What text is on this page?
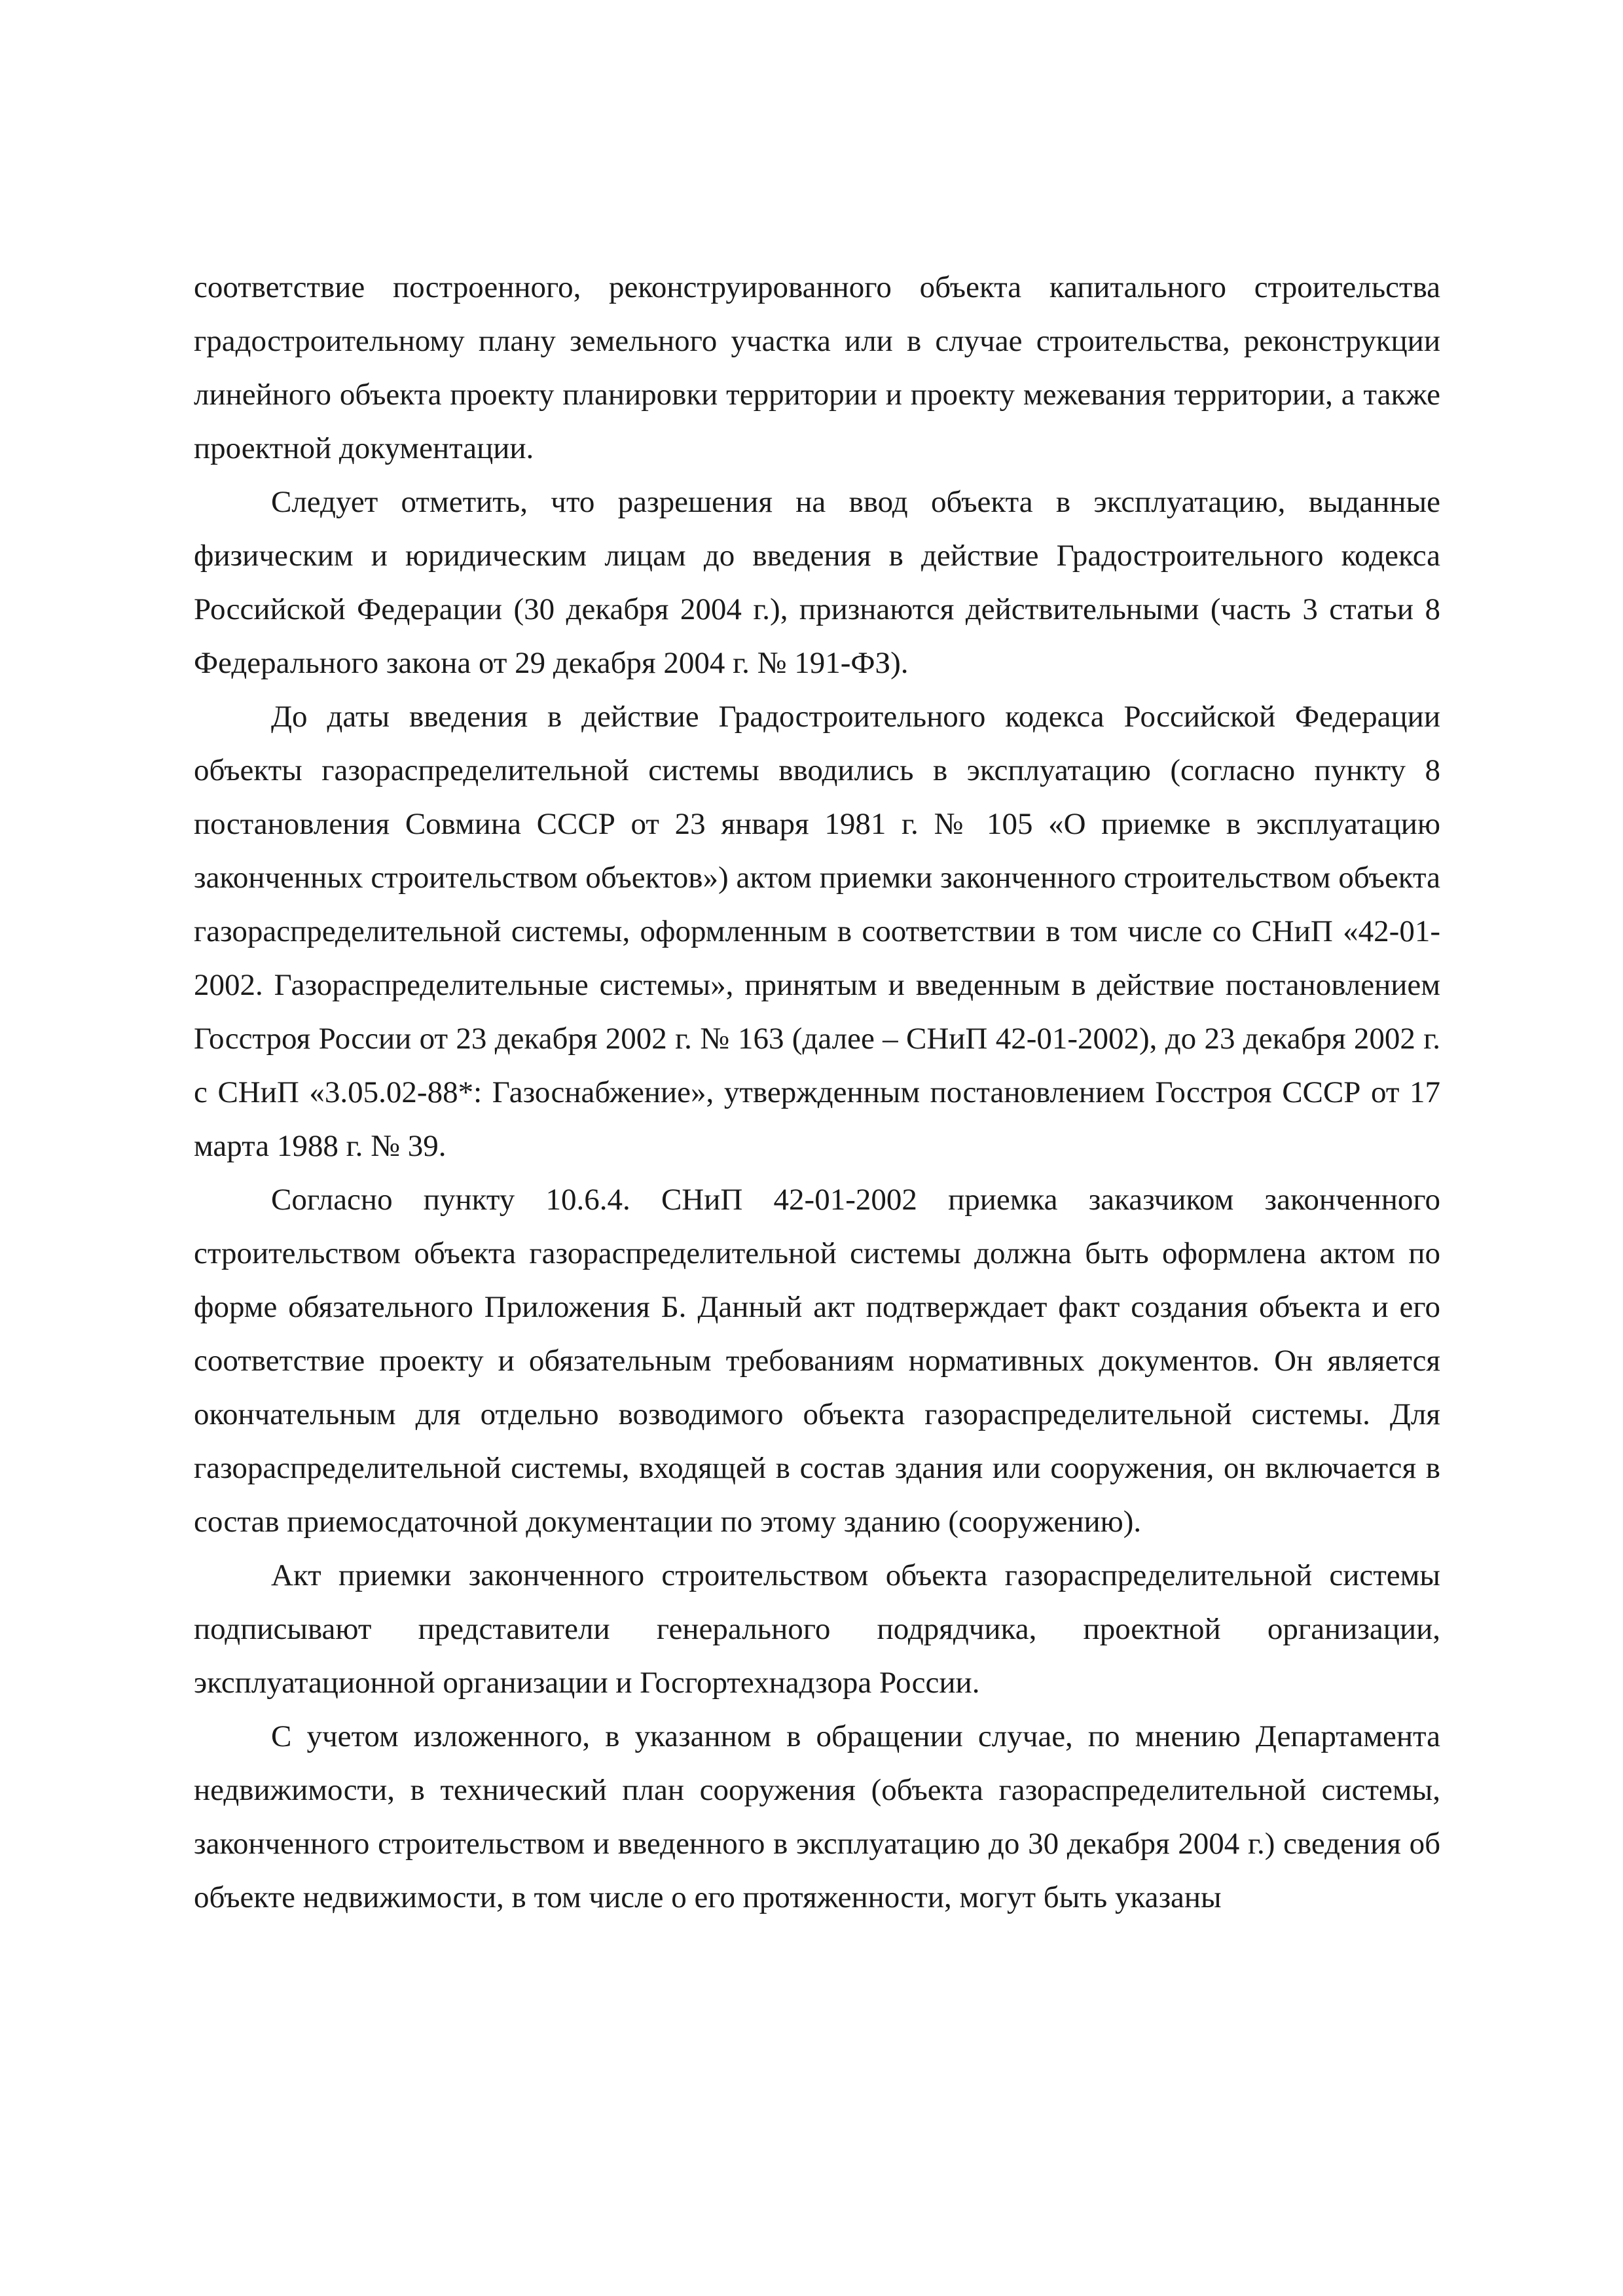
соответствие построенного, реконструированного объекта капитального строительства градостроительному плану земельного участка или в случае строительства, реконструкции линейного объекта проекту планировки территории и проекту межевания территории, а также проектной документации.

Следует отметить, что разрешения на ввод объекта в эксплуатацию, выданные физическим и юридическим лицам до введения в действие Градостроительного кодекса Российской Федерации (30 декабря 2004 г.), признаются действительными (часть 3 статьи 8 Федерального закона от 29 декабря 2004 г. № 191-ФЗ).

До даты введения в действие Градостроительного кодекса Российской Федерации объекты газораспределительной системы вводились в эксплуатацию (согласно пункту 8 постановления Совмина СССР от 23 января 1981 г. № 105 «О приемке в эксплуатацию законченных строительством объектов») актом приемки законченного строительством объекта газораспределительной системы, оформленным в соответствии в том числе со СНиП «42-01-2002. Газораспределительные системы», принятым и введенным в действие постановлением Госстроя России от 23 декабря 2002 г. № 163 (далее – СНиП 42-01-2002), до 23 декабря 2002 г. с СНиП «3.05.02-88*: Газоснабжение», утвержденным постановлением Госстроя СССР от 17 марта 1988 г. № 39.

Согласно пункту 10.6.4. СНиП 42-01-2002 приемка заказчиком законченного строительством объекта газораспределительной системы должна быть оформлена актом по форме обязательного Приложения Б. Данный акт подтверждает факт создания объекта и его соответствие проекту и обязательным требованиям нормативных документов. Он является окончательным для отдельно возводимого объекта газораспределительной системы. Для газораспределительной системы, входящей в состав здания или сооружения, он включается в состав приемосдаточной документации по этому зданию (сооружению).

Акт приемки законченного строительством объекта газораспределительной системы подписывают представители генерального подрядчика, проектной организации, эксплуатационной организации и Госгортехнадзора России.

С учетом изложенного, в указанном в обращении случае, по мнению Департамента недвижимости, в технический план сооружения (объекта газораспределительной системы, законченного строительством и введенного в эксплуатацию до 30 декабря 2004 г.) сведения об объекте недвижимости, в том числе о его протяженности, могут быть указаны
